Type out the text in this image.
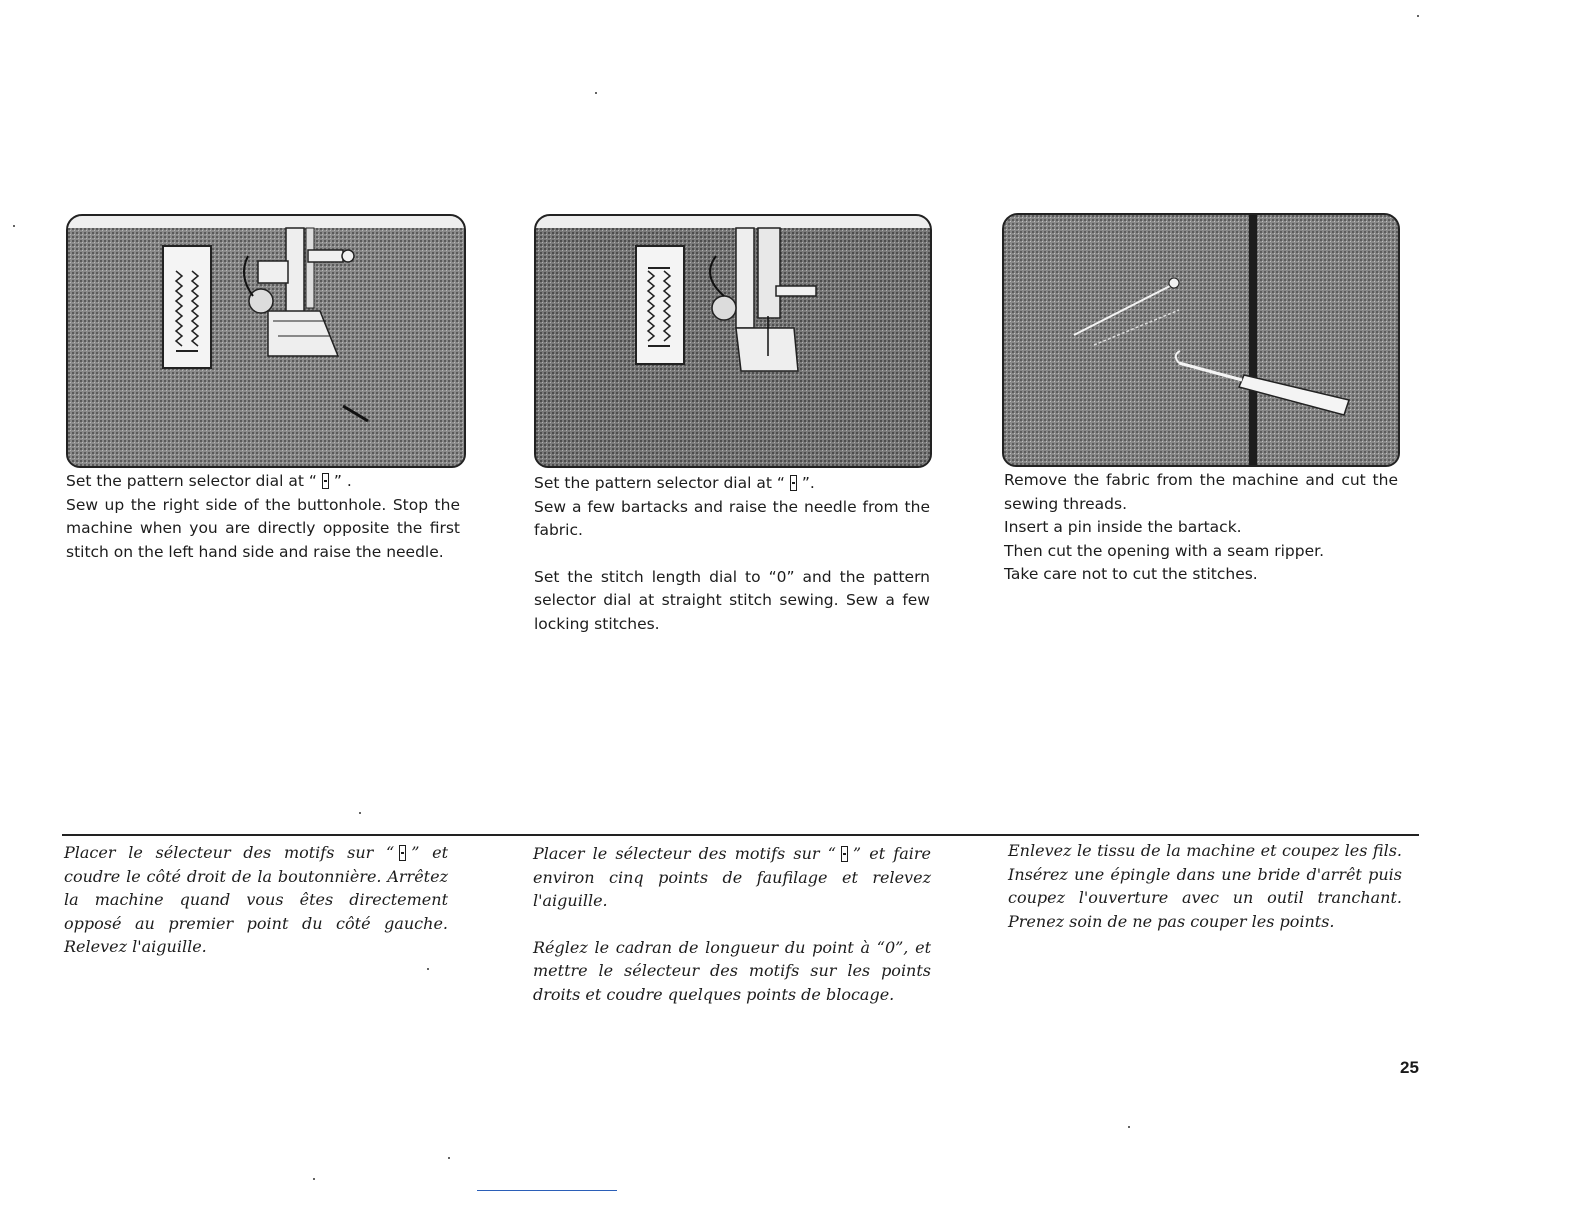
Set the pattern selector dial at “ ” .

Sew up the right side of the buttonhole. Stop the machine when you are directly opposite the first stitch on the left hand side and raise the needle.

Set the pattern selector dial at “ ”.

Sew a few bartacks and raise the needle from the fabric.

Set the stitch length dial to “0” and the pattern selector dial at straight stitch sewing. Sew a few locking stitches.

Remove the fabric from the machine and cut the sewing threads.

Insert a pin inside the bartack.

Then cut the opening with a seam ripper.

Take care not to cut the stitches.

Placer le sélecteur des motifs sur “ ” et coudre le côté droit de la boutonnière. Arrêtez la machine quand vous êtes directement opposé au premier point du côté gauche. Relevez l'aiguille.

Placer le sélecteur des motifs sur “ ” et faire environ cinq points de faufilage et relevez l'aiguille.

Réglez le cadran de longueur du point à “0”, et mettre le sélecteur des motifs sur les points droits et coudre quelques points de blocage.

Enlevez le tissu de la machine et coupez les fils. Insérez une épingle dans une bride d'arrêt puis coupez l'ouverture avec un outil tranchant. Prenez soin de ne pas couper les points.

25
